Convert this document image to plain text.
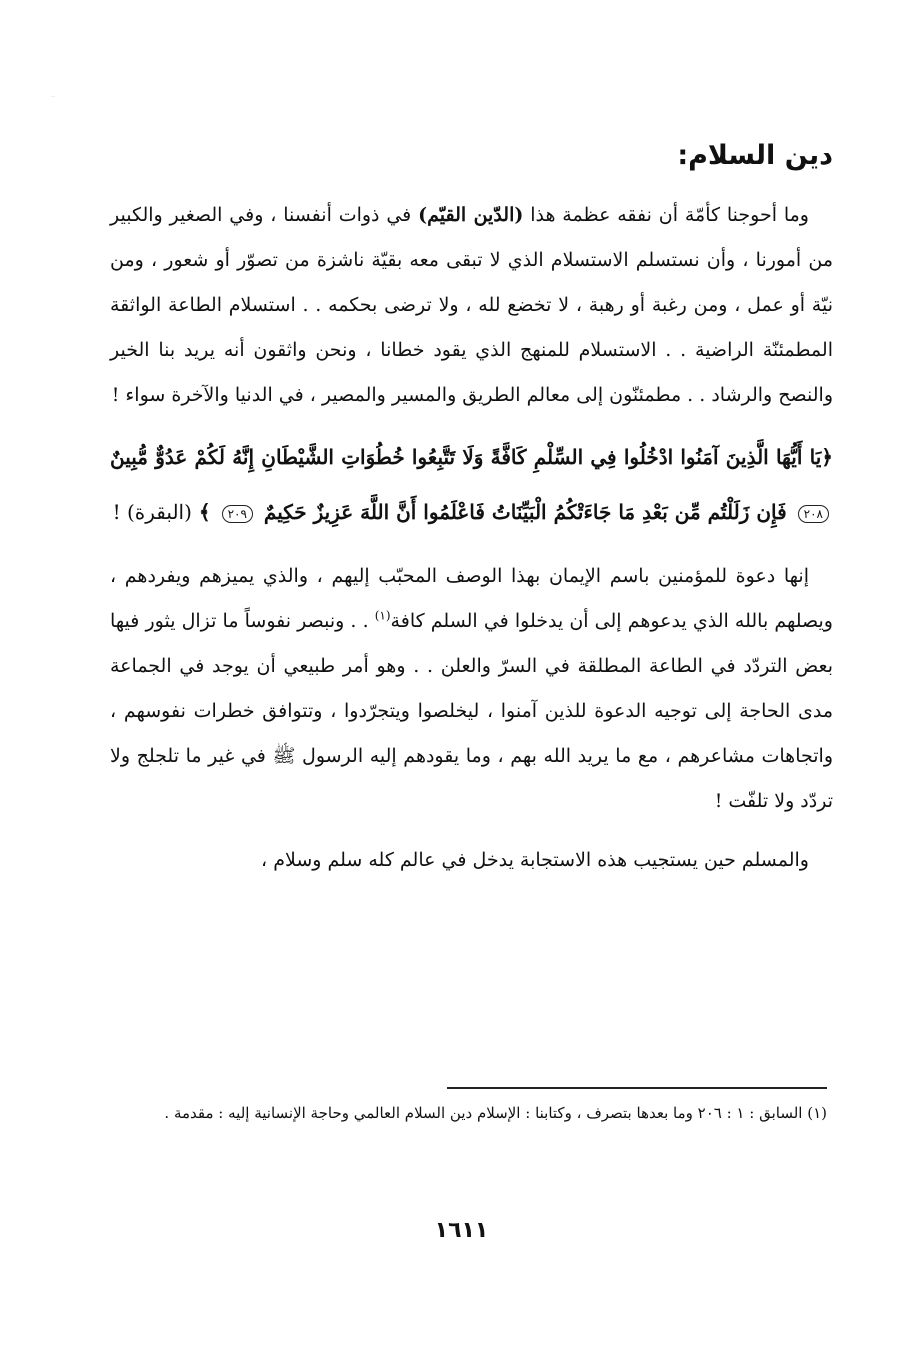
ּ ּ
دين السلام:

وما أحوجنا كأمّة أن نفقه عظمة هذا (الدّين القيّم) في ذوات أنفسنا ، وفي الصغير والكبير من أمورنا ، وأن نستسلم الاستسلام الذي لا تبقى معه بقيّة ناشزة من تصوّر أو شعور ، ومن نيّة أو عمل ، ومن رغبة أو رهبة ، لا تخضع لله ، ولا ترضى بحكمه . . استسلام الطاعة الواثقة المطمئنّة الراضية . . الاستسلام للمنهج الذي يقود خطانا ، ونحن واثقون أنه يريد بنا الخير والنصح والرشاد . . مطمئنّون إلى معالم الطريق والمسير والمصير ، في الدنيا والآخرة سواء !

﴿يَا أَيُّهَا الَّذِينَ آمَنُوا ادْخُلُوا فِي السِّلْمِ كَافَّةً وَلَا تَتَّبِعُوا خُطُوَاتِ الشَّيْطَانِ إِنَّهُ لَكُمْ عَدُوٌّ مُّبِينٌ ٢٠٨ فَإِن زَلَلْتُم مِّن بَعْدِ مَا جَاءَتْكُمُ الْبَيِّنَاتُ فَاعْلَمُوا أَنَّ اللَّهَ عَزِيزٌ حَكِيمٌ ٢٠٩ ﴾ (البقرة) !

إنها دعوة للمؤمنين باسم الإيمان بهذا الوصف المحبّب إليهم ، والذي يميزهم ويفردهم ، ويصلهم بالله الذي يدعوهم إلى أن يدخلوا في السلم كافة$^{(١)}$ . . ونبصر نفوساً ما تزال يثور فيها بعض التردّد في الطاعة المطلقة في السرّ والعلن . . وهو أمر طبيعي أن يوجد في الجماعة مدى الحاجة إلى توجيه الدعوة للذين آمنوا ، ليخلصوا ويتجرّدوا ، وتتوافق خطرات نفوسهم ، واتجاهات مشاعرهم ، مع ما يريد الله بهم ، وما يقودهم إليه الرسول ﷺ في غير ما تلجلج ولا تردّد ولا تلفّت !

والمسلم حين يستجيب هذه الاستجابة يدخل في عالم كله سلم وسلام ،

(١) السابق : ١ : ٢٠٦ وما بعدها بتصرف ، وكتابنا : الإسلام دين السلام العالمي وحاجة الإنسانية إليه : مقدمة .
١٦١١
